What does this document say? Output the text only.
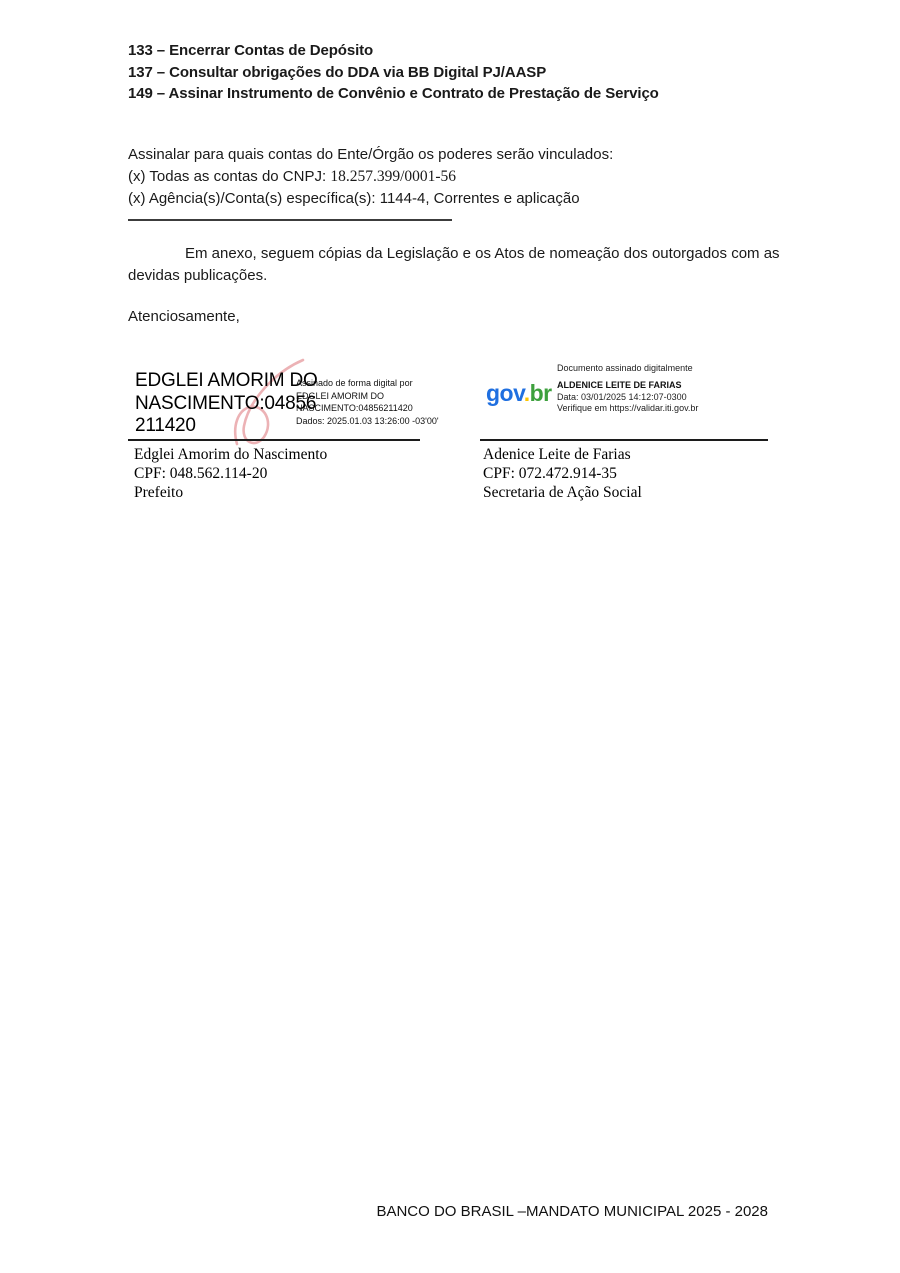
133 – Encerrar Contas de Depósito
137 – Consultar obrigações do DDA via BB Digital PJ/AASP
149 – Assinar Instrumento de Convênio e Contrato de Prestação de Serviço
Assinalar para quais contas do Ente/Órgão os poderes serão vinculados:
(x) Todas as contas do CNPJ: 18.257.399/0001-56
(x) Agência(s)/Conta(s) específica(s): 1144-4, Correntes e aplicação
Em anexo, seguem cópias da Legislação e os Atos de nomeação dos outorgados com as devidas publicações.
Atenciosamente,
EDGLEI AMORIM DO
NASCIMENTO:04856
211420
Assinado de forma digital por
EDGLEI AMORIM DO
NASCIMENTO:04856211420
Dados: 2025.01.03 13:26:00 -03'00'
Documento assinado digitalmente
gov.br ALDENICE LEITE DE FARIAS
Data: 03/01/2025 14:12:07-0300
Verifique em https://validar.iti.gov.br
Edglei Amorim do Nascimento
CPF: 048.562.114-20
Prefeito
Adenice Leite de Farias
CPF: 072.472.914-35
Secretaria de Ação Social
BANCO DO BRASIL –MANDATO MUNICIPAL 2025 - 2028
